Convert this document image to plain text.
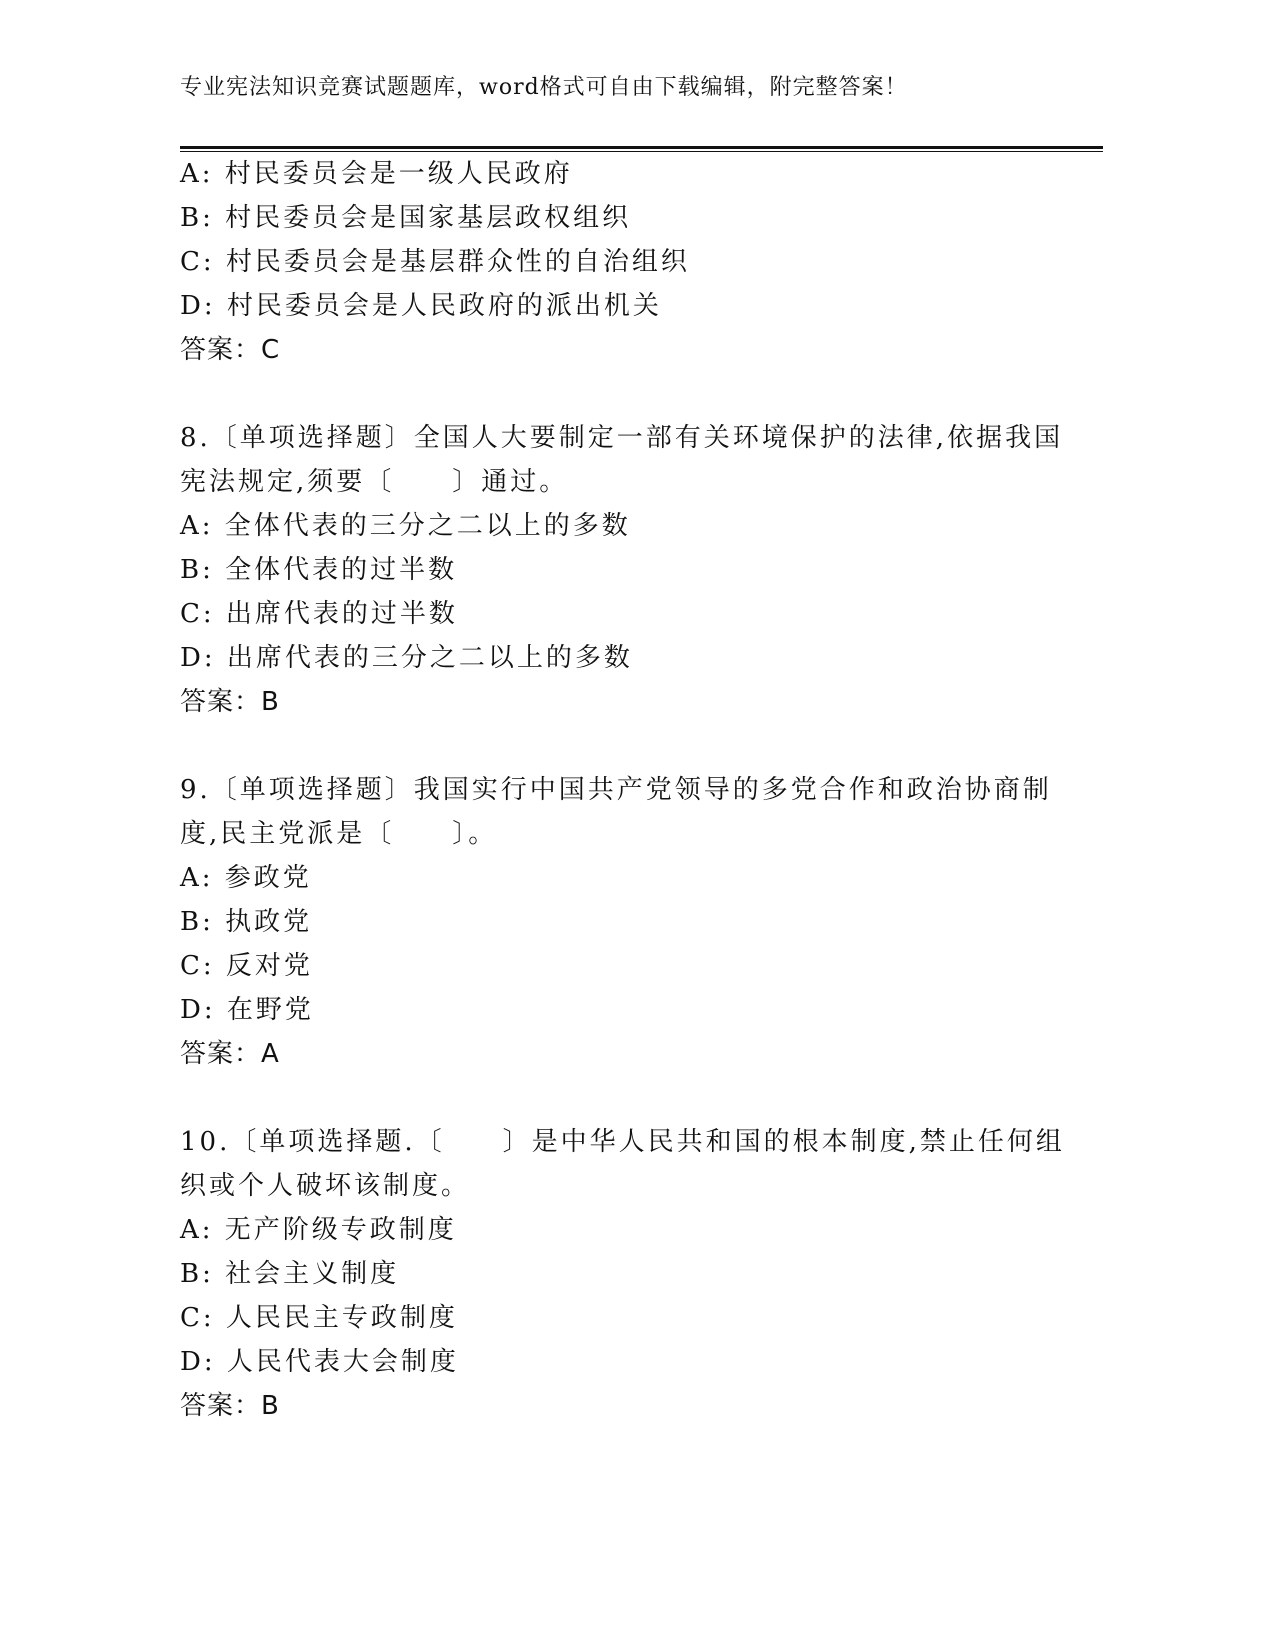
专业宪法知识竞赛试题题库，word格式可自由下载编辑，附完整答案！
A: 村民委员会是一级人民政府
B: 村民委员会是国家基层政权组织
C: 村民委员会是基层群众性的自治组织
D: 村民委员会是人民政府的派出机关
答案：C
8.〔单项选择题〕全国人大要制定一部有关环境保护的法律,依据我国
宪法规定,须要〔　　〕通过。
A: 全体代表的三分之二以上的多数
B: 全体代表的过半数
C: 出席代表的过半数
D: 出席代表的三分之二以上的多数
答案：B
9.〔单项选择题〕我国实行中国共产党领导的多党合作和政治协商制
度,民主党派是〔　　〕。
A: 参政党
B: 执政党
C: 反对党
D: 在野党
答案：A
10.〔单项选择题.〔　　〕是中华人民共和国的根本制度,禁止任何组
织或个人破坏该制度。
A: 无产阶级专政制度
B: 社会主义制度
C: 人民民主专政制度
D: 人民代表大会制度
答案：B
